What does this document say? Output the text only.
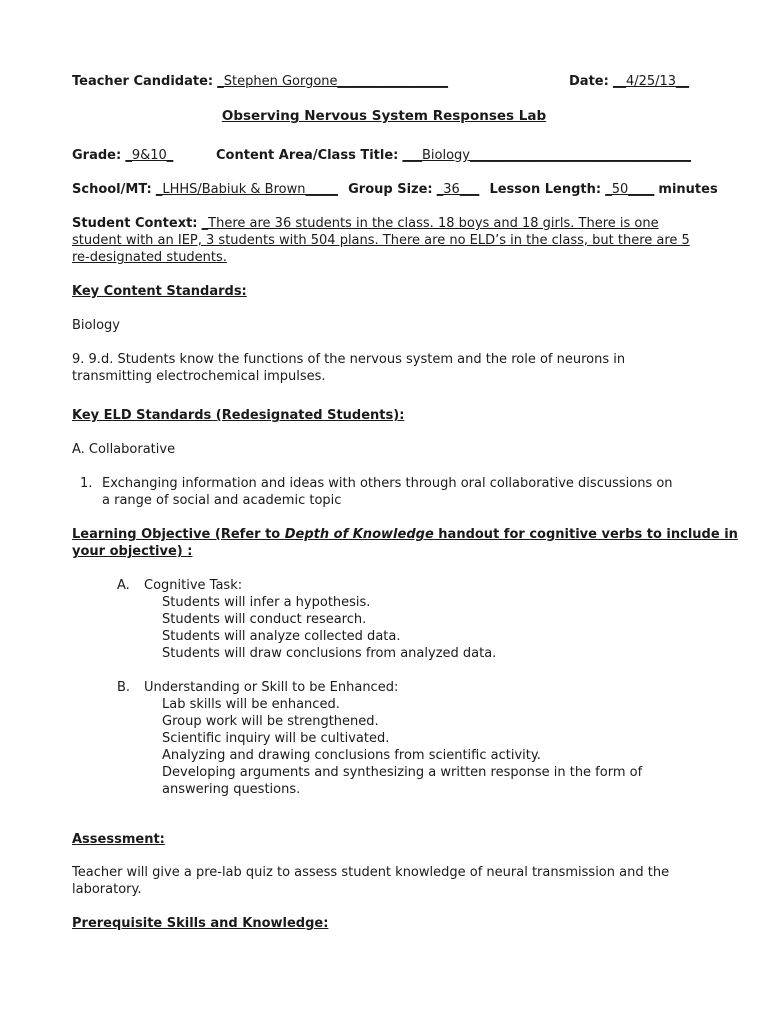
Teacher Candidate: _Stephen Gorgone_________________	Date: __4/25/13__
Observing Nervous System Responses Lab
Grade: _9&10_	Content Area/Class Title: ___Biology__________________________________
School/MT: _LHHS/Babiuk & Brown_____ Group Size: _36___ Lesson Length: _50____ minutes
Student Context: _There are 36 students in the class. 18 boys and 18 girls. There is one
student with an IEP, 3 students with 504 plans. There are no ELD’s in the class, but there are 5
re-designated students.
Key Content Standards:
Biology
9. 9.d. Students know the functions of the nervous system and the role of neurons in
transmitting electrochemical impulses.
Key ELD Standards (Redesignated Students):
A. Collaborative
1. Exchanging information and ideas with others through oral collaborative discussions on
a range of social and academic topic
Learning Objective (Refer to Depth of Knowledge handout for cognitive verbs to include in
your objective) :
A. Cognitive Task:
Students will infer a hypothesis.
Students will conduct research.
Students will analyze collected data.
Students will draw conclusions from analyzed data.
B. Understanding or Skill to be Enhanced:
Lab skills will be enhanced.
Group work will be strengthened.
Scientific inquiry will be cultivated.
Analyzing and drawing conclusions from scientific activity.
Developing arguments and synthesizing a written response in the form of
answering questions.
Assessment:
Teacher will give a pre-lab quiz to assess student knowledge of neural transmission and the
laboratory.
Prerequisite Skills and Knowledge:
